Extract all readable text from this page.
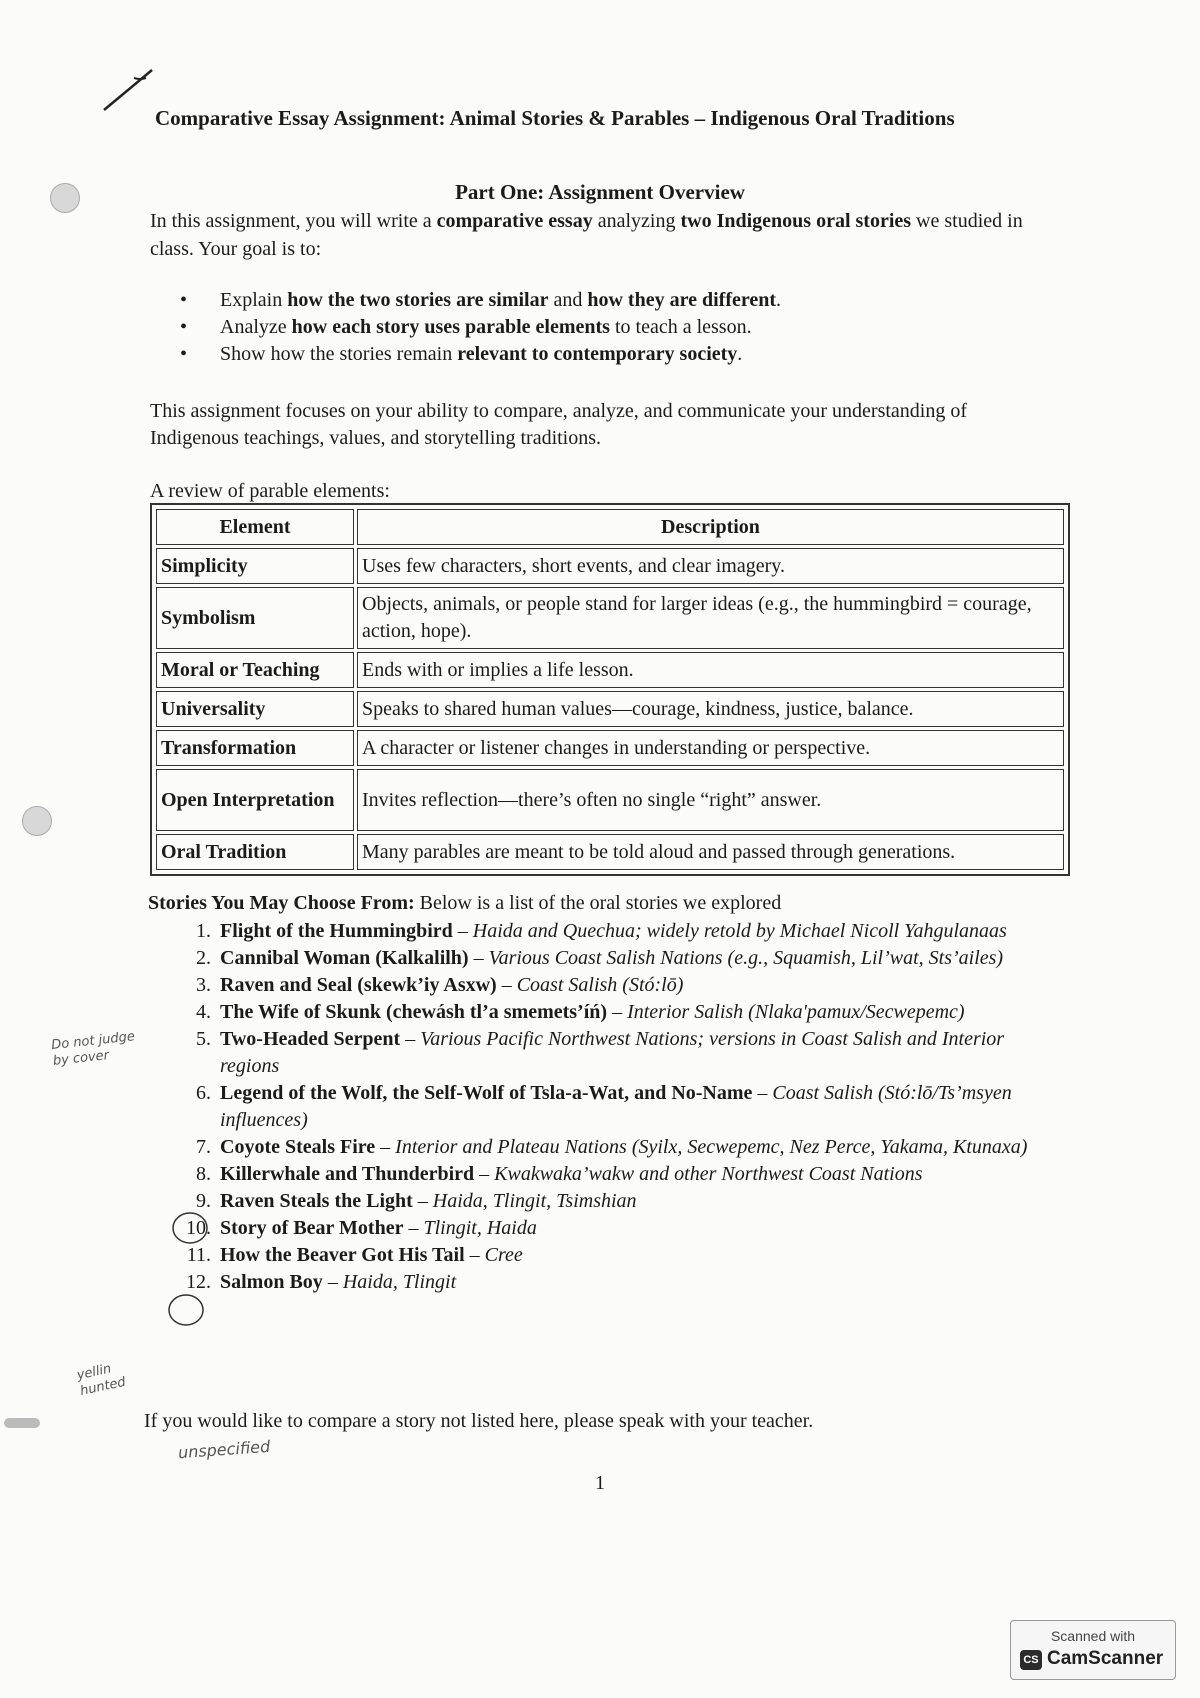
Comparative Essay Assignment: Animal Stories & Parables – Indigenous Oral Traditions
Part One: Assignment Overview
In this assignment, you will write a comparative essay analyzing two Indigenous oral stories we studied in class. Your goal is to:
• Explain how the two stories are similar and how they are different.
• Analyze how each story uses parable elements to teach a lesson.
• Show how the stories remain relevant to contemporary society.
This assignment focuses on your ability to compare, analyze, and communicate your understanding of Indigenous teachings, values, and storytelling traditions.
A review of parable elements:
Element	Description
Simplicity	Uses few characters, short events, and clear imagery.
Symbolism	Objects, animals, or people stand for larger ideas (e.g., the hummingbird = courage, action, hope).
Moral or Teaching	Ends with or implies a life lesson.
Universality	Speaks to shared human values—courage, kindness, justice, balance.
Transformation	A character or listener changes in understanding or perspective.
Open Interpretation	Invites reflection—there’s often no single “right” answer.
Oral Tradition	Many parables are meant to be told aloud and passed through generations.
Stories You May Choose From: Below is a list of the oral stories we explored
1. Flight of the Hummingbird – Haida and Quechua; widely retold by Michael Nicoll Yahgulanaas
2. Cannibal Woman (Kalkalilh) – Various Coast Salish Nations (e.g., Squamish, Lil’wat, Sts’ailes)
3. Raven and Seal (skewk’iy Asxw) – Coast Salish (Stó:lō)
4. The Wife of Skunk (chewásh tl’a smemets’íń) – Interior Salish (Nlaka'pamux/Secwepemc)
5. Two-Headed Serpent – Various Pacific Northwest Nations; versions in Coast Salish and Interior regions
6. Legend of the Wolf, the Self-Wolf of Tsla-a-Wat, and No-Name – Coast Salish (Stó:lō/Ts’msyen influences)
7. Coyote Steals Fire – Interior and Plateau Nations (Syilx, Secwepemc, Nez Perce, Yakama, Ktunaxa)
8. Killerwhale and Thunderbird – Kwakwaka’wakw and other Northwest Coast Nations
9. Raven Steals the Light – Haida, Tlingit, Tsimshian
10. Story of Bear Mother – Tlingit, Haida
11. How the Beaver Got His Tail – Cree
12. Salmon Boy – Haida, Tlingit
If you would like to compare a story not listed here, please speak with your teacher.
1
Do not judge by cover
yellin hunted
unspecified
Scanned with
CS CamScanner
